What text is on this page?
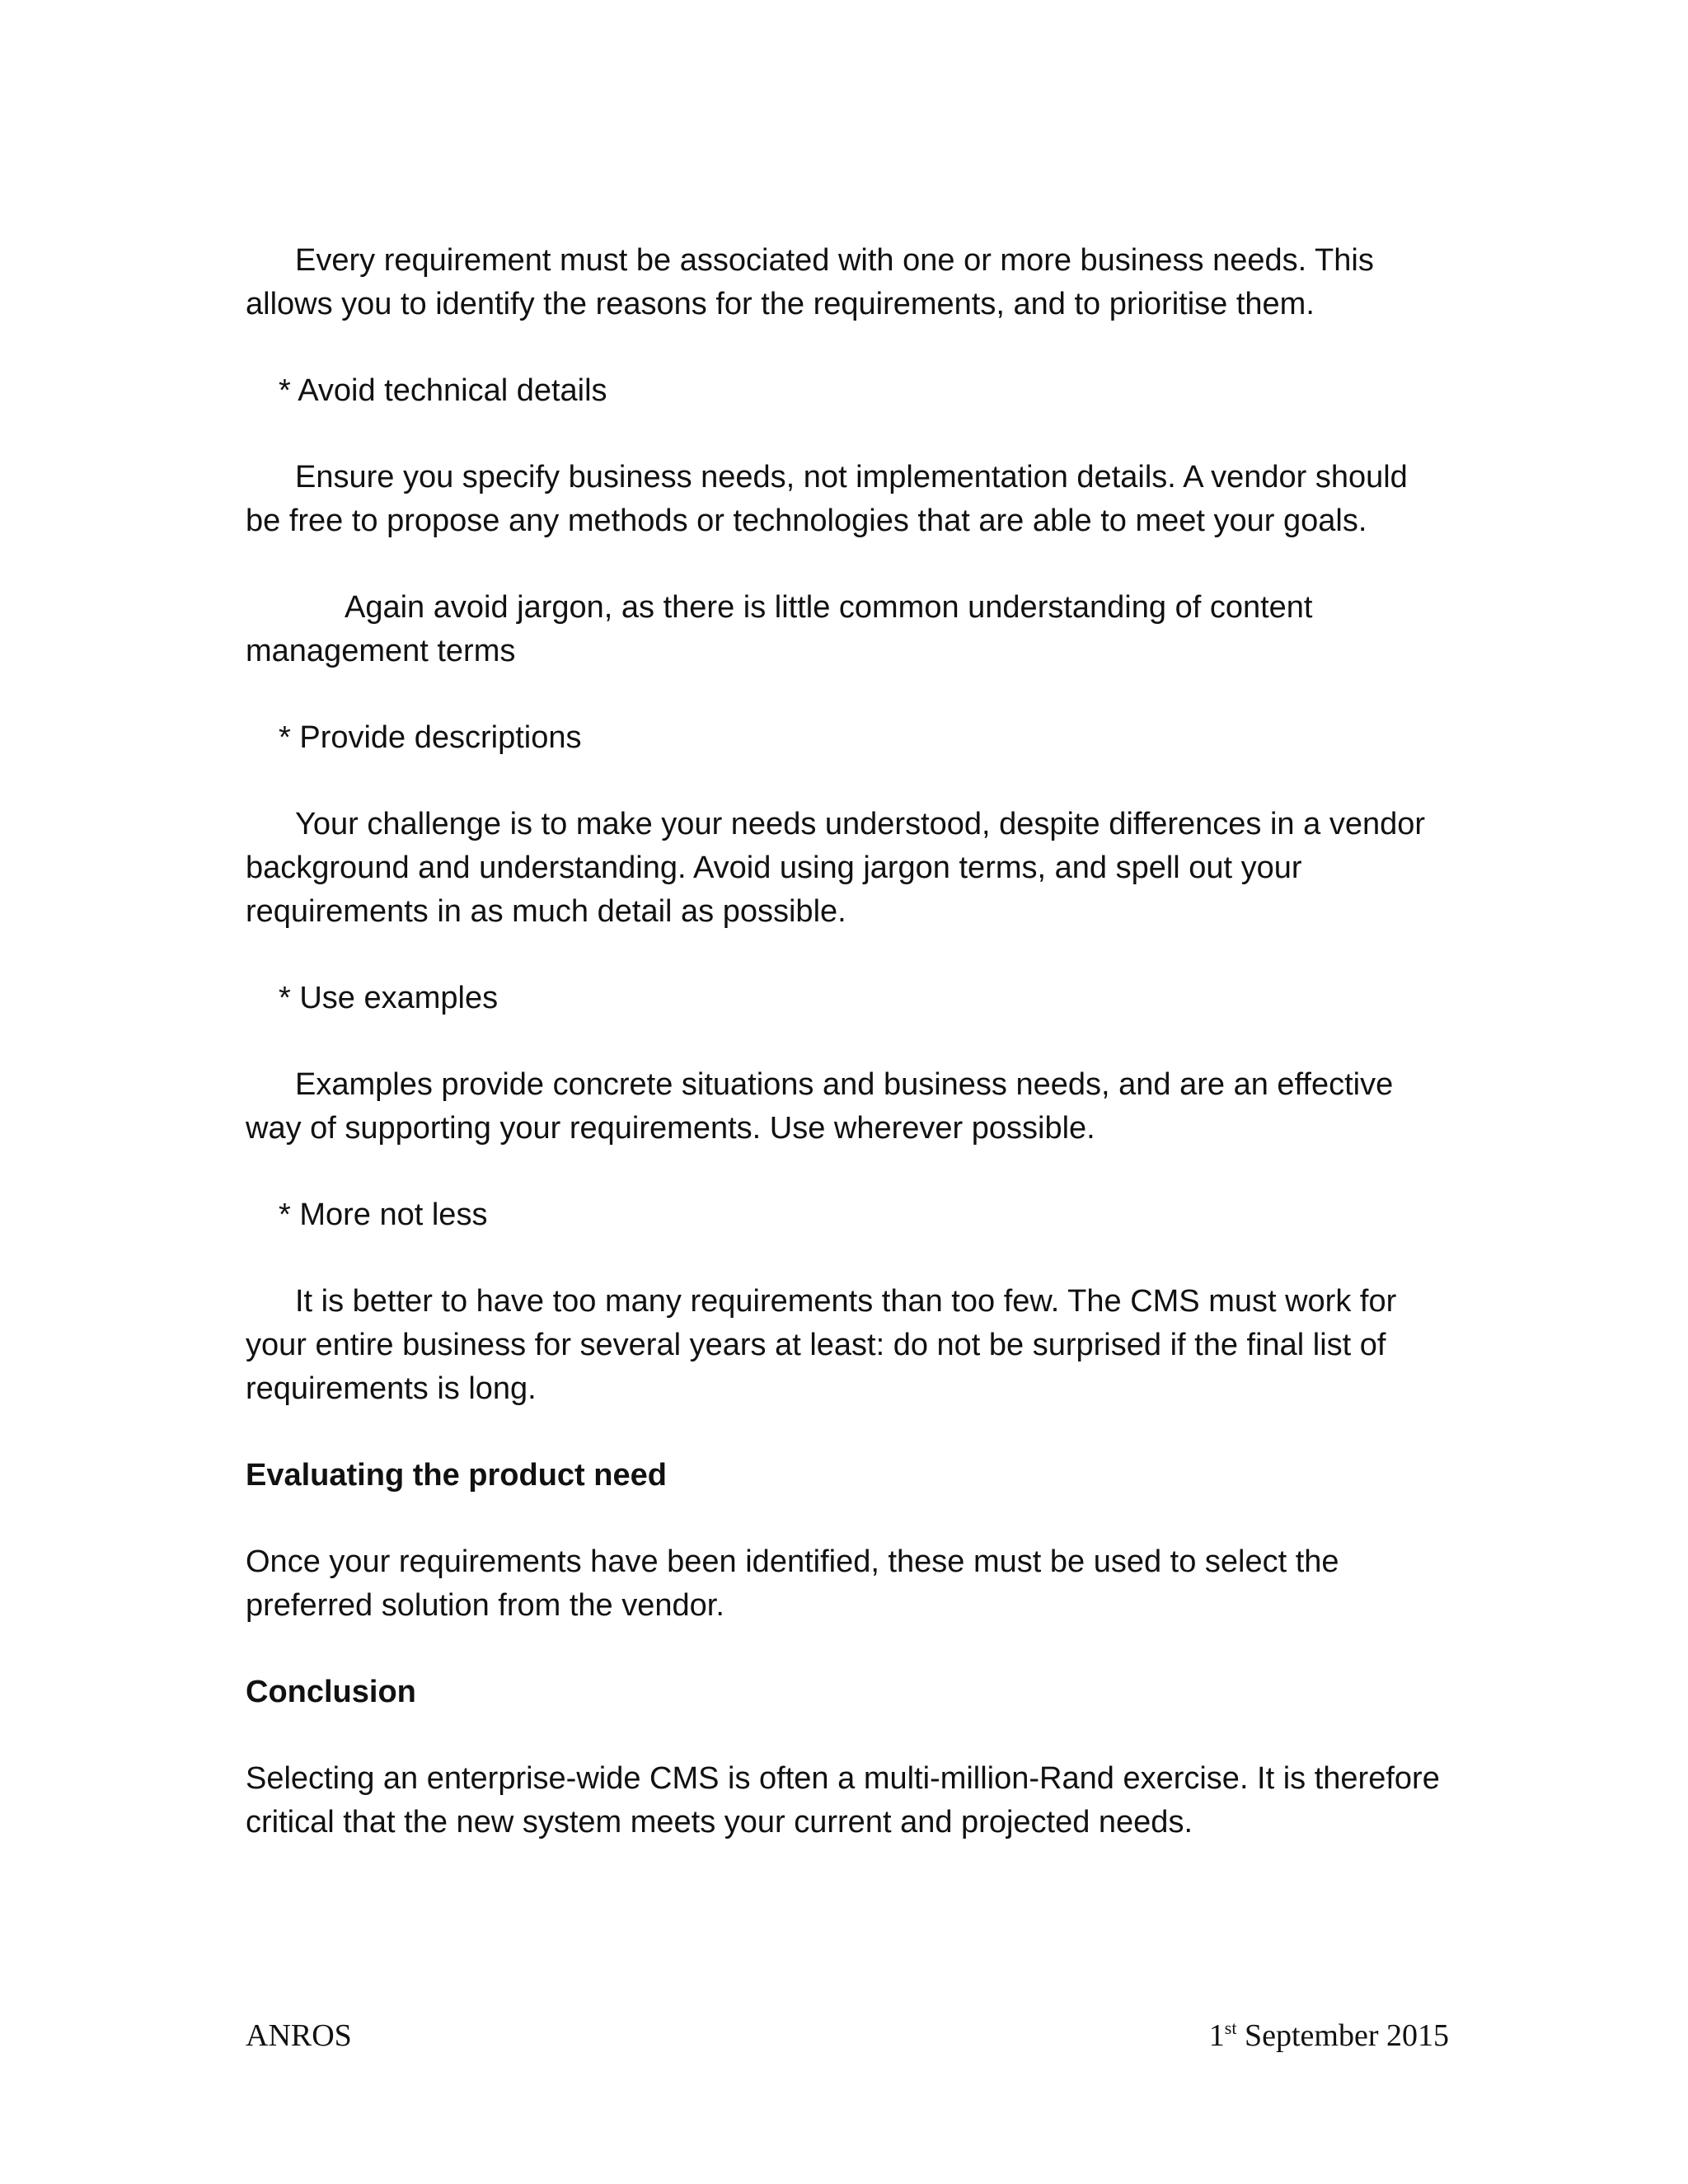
Every requirement must be associated with one or more business needs. This allows you to identify the reasons for the requirements, and to prioritise them.

* Avoid technical details

Ensure you specify business needs, not implementation details. A vendor should be free to propose any methods or technologies that are able to meet your goals.

Again avoid jargon, as there is little common understanding of content management terms

* Provide descriptions

Your challenge is to make your needs understood, despite differences in a vendor background and understanding. Avoid using jargon terms, and spell out your requirements in as much detail as possible.

* Use examples

Examples provide concrete situations and business needs, and are an effective way of supporting your requirements. Use wherever possible.

* More not less

It is better to have too many requirements than too few. The CMS must work for your entire business for several years at least: do not be surprised if the final list of requirements is long.

Evaluating the product need

Once your requirements have been identified, these must be used to select the preferred solution from the vendor.

Conclusion

Selecting an enterprise-wide CMS is often a multi-million-Rand exercise. It is therefore critical that the new system meets your current and projected needs.

ANROS	1st September 2015
